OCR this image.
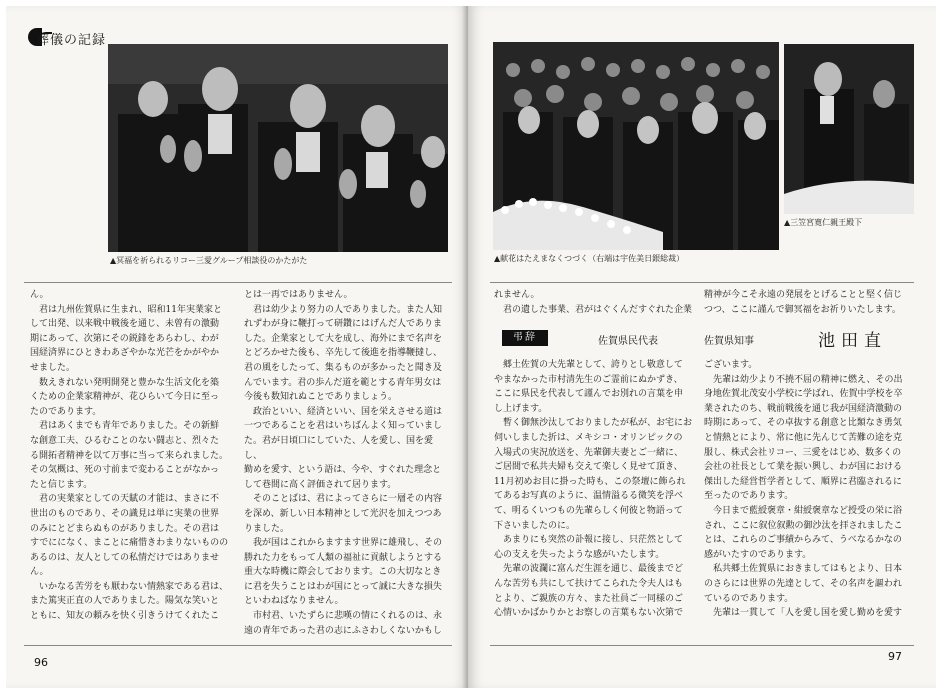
葬儀の記録
▲冥福を祈られるリコー三愛グループ相談役のかたがた

ん。

君は九州佐賀県に生まれ、昭和11年実業家と

して出発、以来戦中戦後を通じ、未曾有の激動

期にあって、次第にその鋭鋒をあらわし、わが

国経済界にひときわあざやかな光芒をかがやか

せました。

数えきれない発明開発と豊かな生活文化を築

くための企業家精神が、花ひらいて今日に至っ

たのであります。

君はあくまでも青年でありました。その新鮮

な創意工夫、ひるむことのない闘志と、烈々た

る開拓者精神を以て万事に当って来られました。

その気概は、死の寸前まで変わることがなかっ

たと信じます。

君の実業家としての天賦の才能は、まさに不

世出のものであり、その識見は単に実業の世界

のみにとどまらぬものがありました。その君は

すでにになく、まことに痛惜きわまりないものの

あるのは、友人としての私情だけではありませ

ん。

いかなる苦労をも厭わない情熱家である君は、

また篤実正直の人でありました。陽気な笑いと

ともに、知友の頼みを快く引きうけてくれたこ

とは一再ではありません。

君は幼少より努力の人でありました。また人知

れずわが身に鞭打って研鑽にはげんだ人でありま

した。企業家として大を成し、海外にまで名声を

とどろかせた後も、卒先して後進を指導鞭撻し、

君の風をしたって、集るものが多かったと聞き及

んでいます。君の歩んだ道を範とする青年男女は

今後も数知れぬことでありましょう。

政治といい、経済といい、国を栄えさせる道は

一つであることを君はいちばんよく知っていまし

た。君が日頃口にしていた、人を愛し、国を愛し、

勤めを愛す、という語は、今や、すぐれた理念と

して巷間に高く評価されて居ります。

そのことばは、君によってさらに一層その内容

を深め、新しい日本精神として光沢を加えつつあ

りました。

我が国はこれからますます世界に雄飛し、その

勝れた力をもって人類の福祉に貢献しようとする

重大な時機に際会しております。この大切なとき

に君を失うことはわが国にとって誠に大きな損失

といわねばなりません。

市村君、いたずらに悲嘆の情にくれるのは、永

遠の青年であった君の志にふさわしくないかもし

96
▲献花はたえまなくつづく（右端は宇佐美日銀総裁）
▲三笠宮寛仁親王殿下

れません。

君の遺した事業、君がはぐくんだすぐれた企業

精神が今こそ永遠の発展をとげることと堅く信じ

つつ、ここに謹んで御冥福をお祈りいたします。

弔辞	佐賀県民代表	佐賀県知事	池田直

郷土佐賀の大先輩として、誇りとし敬意して

やまなかった市村清先生のご霊前にぬかずき、

ここに県民を代表して謹んでお別れの言葉を申

し上げます。

暫く御無沙汰しておりましたが私が、お宅にお

伺いしました折は、メキシコ・オリンピックの

入場式の実況放送を、先輩御夫妻とご一緒に、

ご居間で私共夫婦も交えて楽しく見せて頂き、

11月初めお目に掛った時も、この祭壇に飾られ

てあるお写真のように、温情溢るる微笑を浮べ

て、明るくいつもの先輩らしく何彼と物語って

下さいましたのに。

あまりにも突然の訃報に接し、只茫然として

心の支えを失ったような感がいたします。

先輩の波瀾に富んだ生涯を通じ、最後までど

んな苦労も共にして扶けてこられた令夫人はも

とより、ご親族の方々、また社員ご一同様のご

心情いかばかりかとお察しの言葉もない次第で

ございます。

先輩は幼少より不撓不屈の精神に燃え、その出

身地佐賀北茂安小学校に学ばれ、佐賀中学校を卒

業されたのち、戦前戦後を通じ我が国経済激動の

時期にあって、その卓抜する創意と比類なき勇気

と情熱とにより、常に他に先んじて苦難の途を克

服し、株式会社リコー、三愛をはじめ、数多くの

会社の社長として業を振い興し、わが国における

傑出した経営哲学者として、順界に君臨されるに

至ったのであります。

今日まで藍綬褒章・紺綬褒章など授受の栄に浴

され、ここに叙位叙勲の御沙汰を拝されましたこ

とは、これらのご事績からみて、うべなるかなの

感がいたすのであります。

私共郷土佐賀県におきましてはもとより、日本

のさらには世界の先達として、その名声を謳われ

ているのであります。

先輩は一貫して「人を愛し国を愛し勤めを愛す

97
